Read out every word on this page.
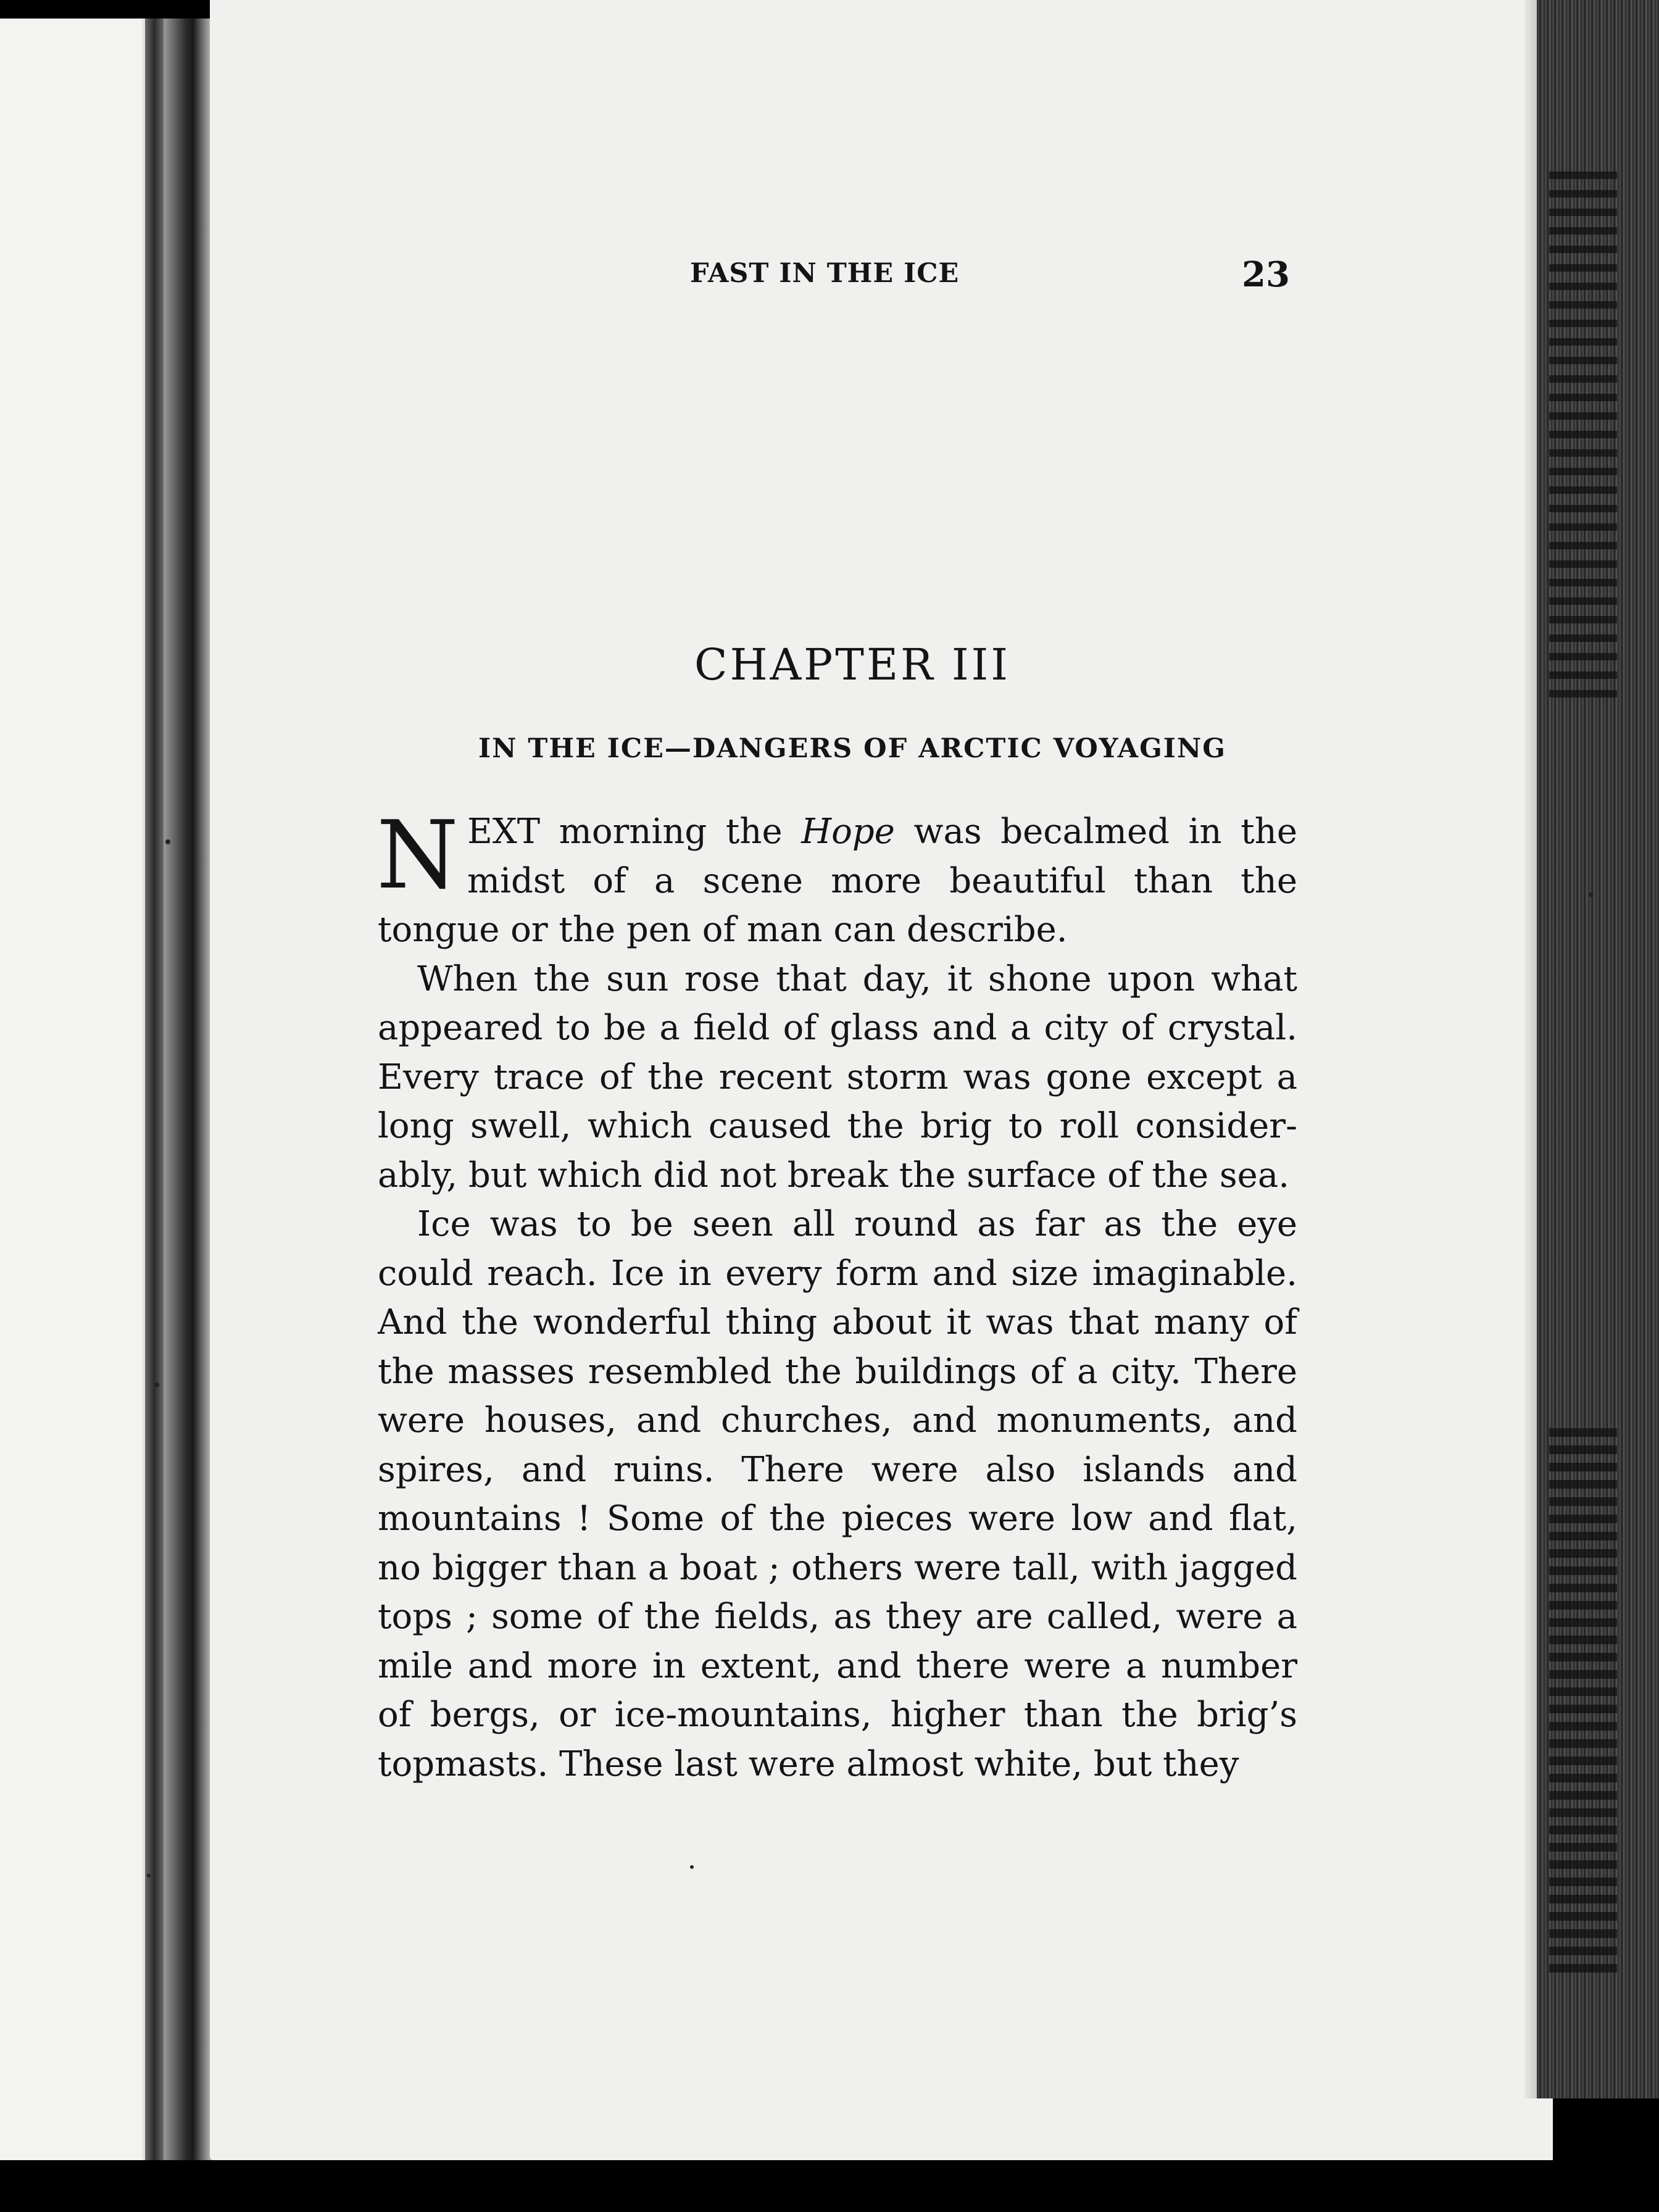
FAST IN THE ICE	23
CHAPTER III
IN THE ICE—DANGERS OF ARCTIC VOYAGING

NEXT morning the Hope was becalmed in the midst of a scene more beautiful than the tongue or the pen of man can describe.

When the sun rose that day, it shone upon what appeared to be a field of glass and a city of crystal. Every trace of the recent storm was gone except a long swell, which caused the brig to roll considerably, but which did not break the surface of the sea.

Ice was to be seen all round as far as the eye could reach. Ice in every form and size imaginable. And the wonderful thing about it was that many of the masses resembled the buildings of a city. There were houses, and churches, and monuments, and spires, and ruins. There were also islands and mountains ! Some of the pieces were low and flat, no bigger than a boat ; others were tall, with jagged tops ; some of the fields, as they are called, were a mile and more in extent, and there were a number of bergs, or ice-mountains, higher than the brig’s topmasts. These last were almost white, but they
